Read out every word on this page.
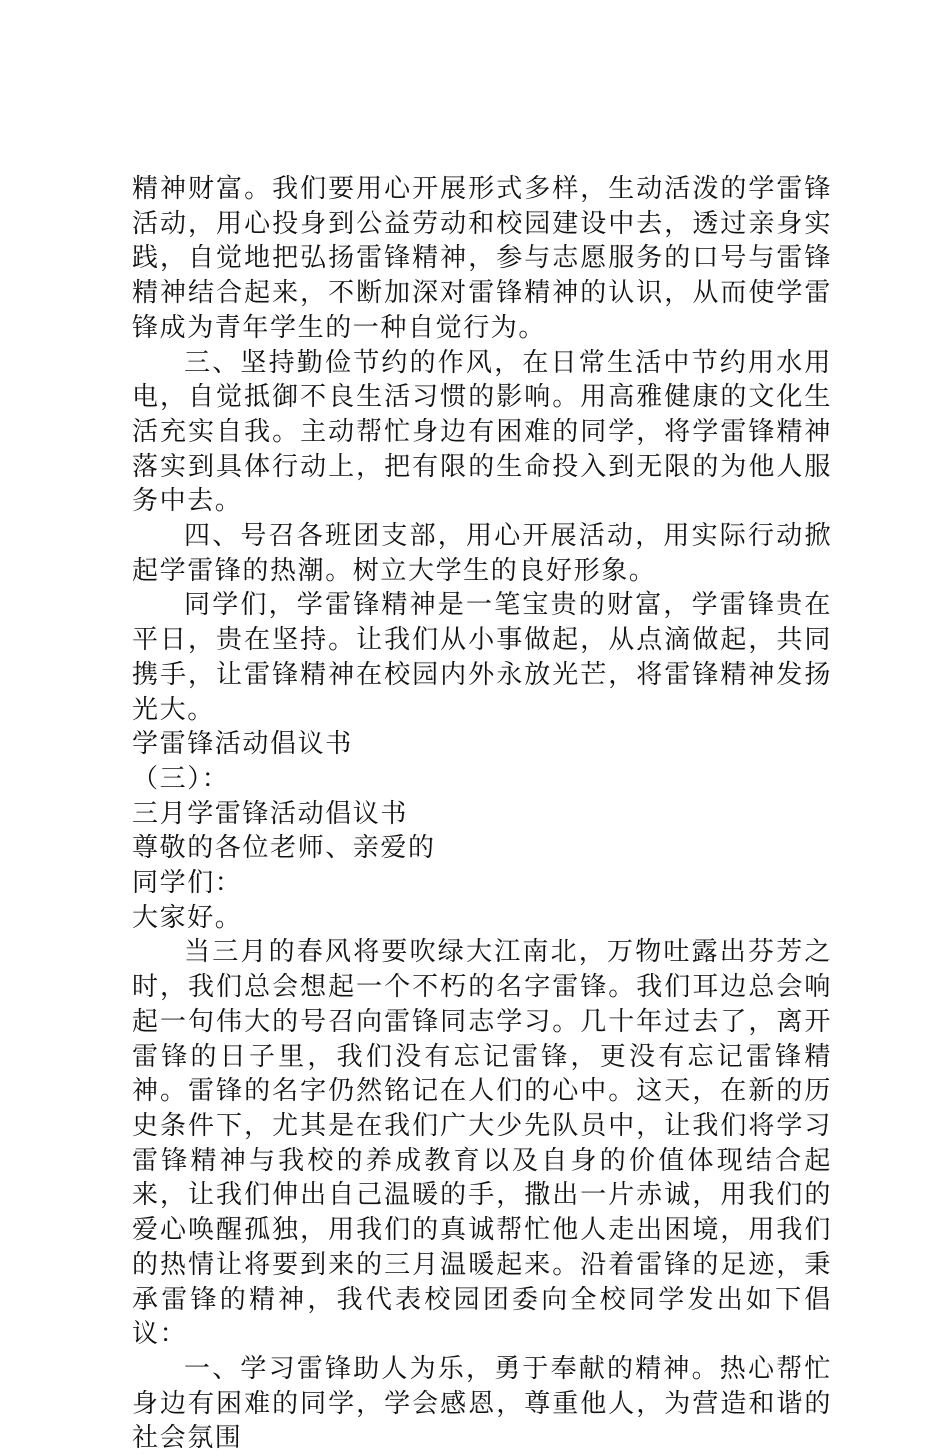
精神财富。我们要用心开展形式多样，生动活泼的学雷锋活动，用心投身到公益劳动和校园建设中去，透过亲身实践，自觉地把弘扬雷锋精神，参与志愿服务的口号与雷锋精神结合起来，不断加深对雷锋精神的认识，从而使学雷锋成为青年学生的一种自觉行为。

三、坚持勤俭节约的作风，在日常生活中节约用水用电，自觉抵御不良生活习惯的影响。用高雅健康的文化生活充实自我。主动帮忙身边有困难的同学，将学雷锋精神落实到具体行动上，把有限的生命投入到无限的为他人服务中去。

四、号召各班团支部，用心开展活动，用实际行动掀起学雷锋的热潮。树立大学生的良好形象。

同学们，学雷锋精神是一笔宝贵的财富，学雷锋贵在平日，贵在坚持。让我们从小事做起，从点滴做起，共同携手，让雷锋精神在校园内外永放光芒，将雷锋精神发扬光大。

学雷锋活动倡议书

（三）：

三月学雷锋活动倡议书

尊敬的各位老师、亲爱的

同学们：

大家好。

当三月的春风将要吹绿大江南北，万物吐露出芬芳之时，我们总会想起一个不朽的名字雷锋。我们耳边总会响起一句伟大的号召向雷锋同志学习。几十年过去了，离开雷锋的日子里，我们没有忘记雷锋，更没有忘记雷锋精神。雷锋的名字仍然铭记在人们的心中。这天，在新的历史条件下，尤其是在我们广大少先队员中，让我们将学习雷锋精神与我校的养成教育以及自身的价值体现结合起来，让我们伸出自己温暖的手，撒出一片赤诚，用我们的爱心唤醒孤独，用我们的真诚帮忙他人走出困境，用我们的热情让将要到来的三月温暖起来。沿着雷锋的足迹，秉承雷锋的精神，我代表校园团委向全校同学发出如下倡议：

一、学习雷锋助人为乐，勇于奉献的精神。热心帮忙身边有困难的同学，学会感恩，尊重他人，为营造和谐的社会氛围
